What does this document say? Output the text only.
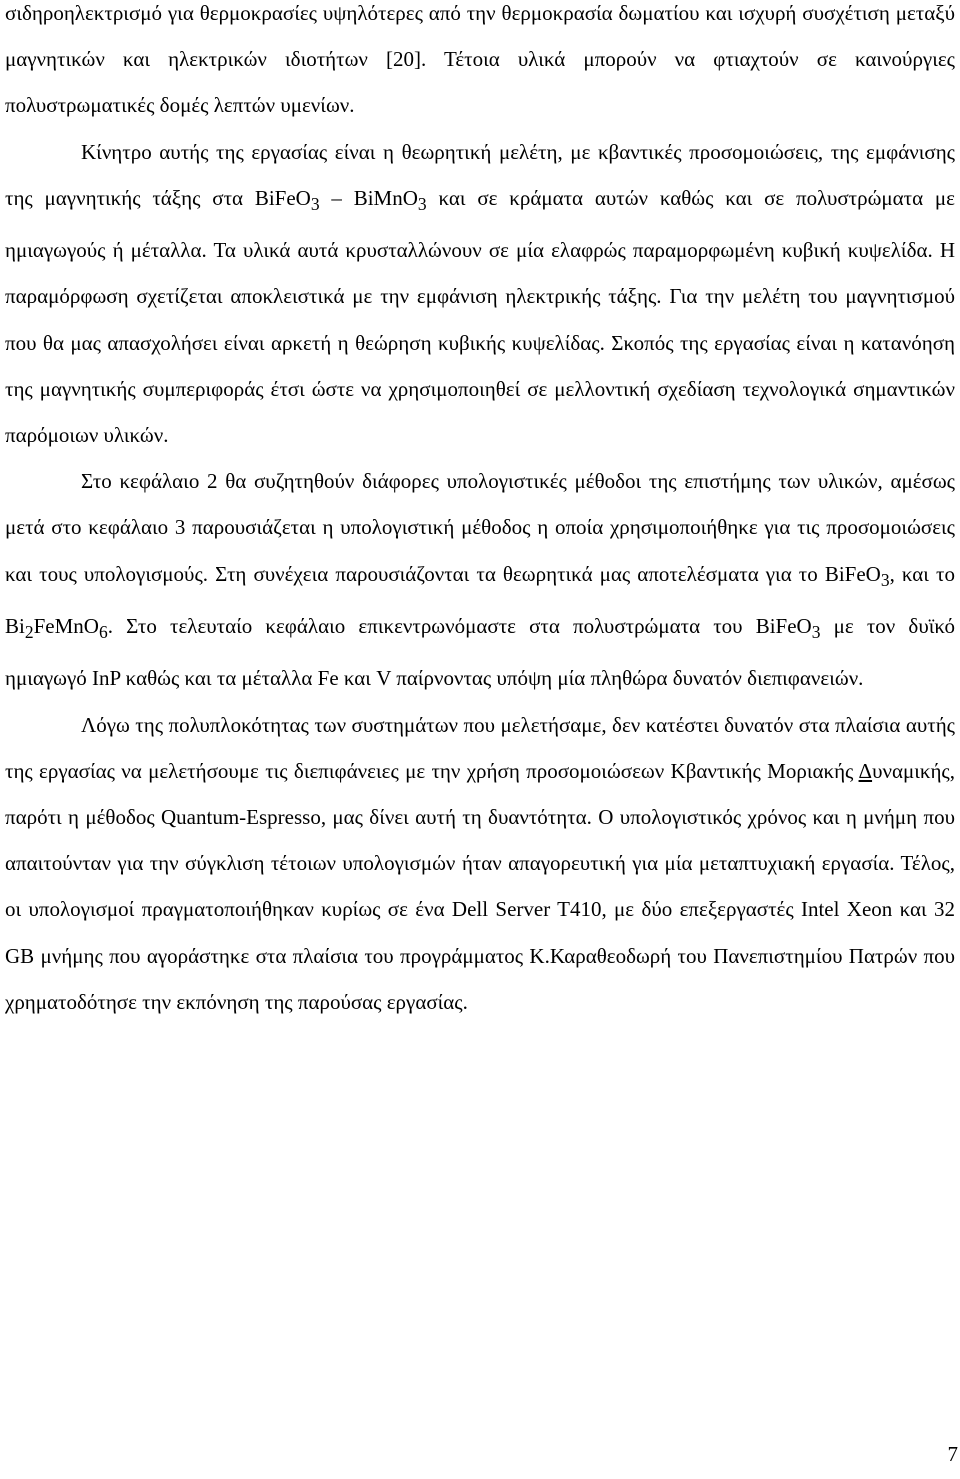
σιδηροηλεκτρισμό για θερμοκρασίες υψηλότερες από την θερμοκρασία δωματίου και ισχυρή συσχέτιση μεταξύ μαγνητικών και ηλεκτρικών ιδιοτήτων [20]. Τέτοια υλικά μπορούν να φτιαχτούν σε καινούργιες πολυστρωματικές δομές λεπτών υμενίων.

Κίνητρο αυτής της εργασίας είναι η θεωρητική μελέτη, με κβαντικές προσομοιώσεις, της εμφάνισης της μαγνητικής τάξης στα BiFeO$_3$ – BiMnO$_3$ και σε κράματα αυτών καθώς και σε πολυστρώματα με ημιαγωγούς ή μέταλλα. Τα υλικά αυτά κρυσταλλώνουν σε μία ελαφρώς παραμορφωμένη κυβική κυψελίδα. Η παραμόρφωση σχετίζεται αποκλειστικά με την εμφάνιση ηλεκτρικής τάξης. Για την μελέτη του μαγνητισμού που θα μας απασχολήσει είναι αρκετή η θεώρηση κυβικής κυψελίδας. Σκοπός της εργασίας είναι η κατανόηση της μαγνητικής συμπεριφοράς έτσι ώστε να χρησιμοποιηθεί σε μελλοντική σχεδίαση τεχνολογικά σημαντικών παρόμοιων υλικών.

Στο κεφάλαιο 2 θα συζητηθούν διάφορες υπολογιστικές μέθοδοι της επιστήμης των υλικών, αμέσως μετά στο κεφάλαιο 3 παρουσιάζεται η υπολογιστική μέθοδος η οποία χρησιμοποιήθηκε για τις προσομοιώσεις και τους υπολογισμούς. Στη συνέχεια παρουσιάζονται τα θεωρητικά μας αποτελέσματα για το BiFeO$_3$, και το $Bi_2FeMnO_6$. Στο τελευταίο κεφάλαιο επικεντρωνόμαστε στα πολυστρώματα του BiFeO$_3$ με τον δυϊκό ημιαγωγό InP καθώς και τα μέταλλα Fe και V παίρνοντας υπόψη μία πληθώρα δυνατόν διεπιφανειών.

Λόγω της πολυπλοκότητας των συστημάτων που μελετήσαμε, δεν κατέστει δυνατόν στα πλαίσια αυτής της εργασίας να μελετήσουμε τις διεπιφάνειες με την χρήση προσομοιώσεων Κβαντικής Μοριακής Δυναμικής, παρότι η μέθοδος Quantum-Espresso, μας δίνει αυτή τη δυαντότητα. Ο υπολογιστικός χρόνος και η μνήμη που απαιτούνταν για την σύγκλιση τέτοιων υπολογισμών ήταν απαγορευτική για μία μεταπτυχιακή εργασία. Τέλος, οι υπολογισμοί πραγματοποιήθηκαν κυρίως σε ένα Dell Server T410, με δύο επεξεργαστές Intel Xeon και 32 GB μνήμης που αγοράστηκε στα πλαίσια του προγράμματος Κ.Καραθεοδωρή του Πανεπιστημίου Πατρών που χρηματοδότησε την εκπόνηση της παρούσας εργασίας.

7
